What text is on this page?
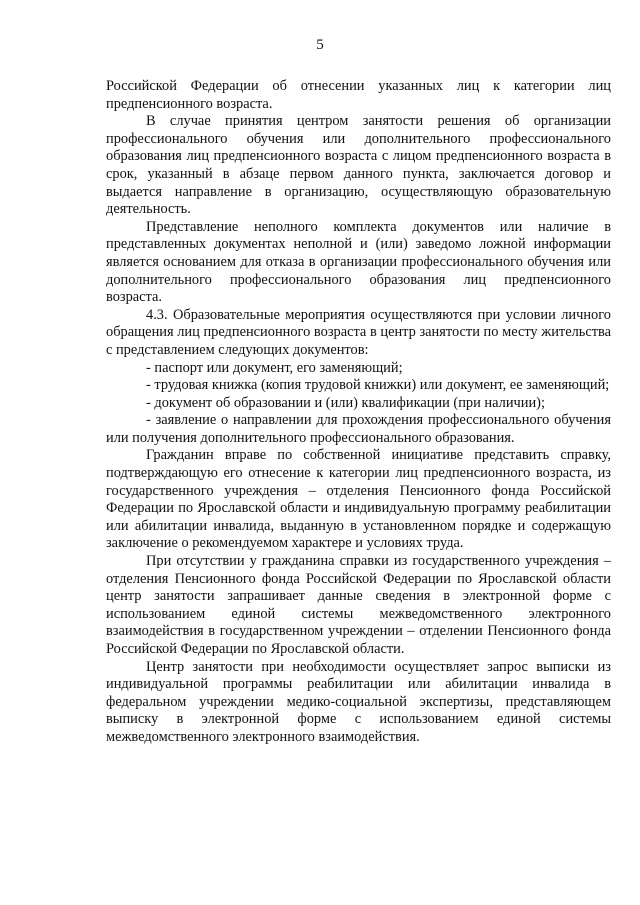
5

Российской Федерации об отнесении указанных лиц к категории лиц предпенсионного возраста.

В случае принятия центром занятости решения об организации профессионального обучения или дополнительного профессионального образования лиц предпенсионного возраста с лицом предпенсионного возраста в срок, указанный в абзаце первом данного пункта, заключается договор и выдается направление в организацию, осуществляющую образовательную деятельность.

Представление неполного комплекта документов или наличие в представленных документах неполной и (или) заведомо ложной информации является основанием для отказа в организации профессионального обучения или дополнительного профессионального образования лиц предпенсионного возраста.

4.3. Образовательные мероприятия осуществляются при условии личного обращения лиц предпенсионного возраста в центр занятости по месту жительства с представлением следующих документов:

- паспорт или документ, его заменяющий;

- трудовая книжка (копия трудовой книжки) или документ, ее заменяющий;

- документ об образовании и (или) квалификации (при наличии);

- заявление о направлении для прохождения профессионального обучения или получения дополнительного профессионального образования.

Гражданин вправе по собственной инициативе представить справку, подтверждающую его отнесение к категории лиц предпенсионного возраста, из государственного учреждения – отделения Пенсионного фонда Российской Федерации по Ярославской области и индивидуальную программу реабилитации или абилитации инвалида, выданную в установленном порядке и содержащую заключение о рекомендуемом характере и условиях труда.

При отсутствии у гражданина справки из государственного учреждения – отделения Пенсионного фонда Российской Федерации по Ярославской области центр занятости запрашивает данные сведения в электронной форме с использованием единой системы межведомственного электронного взаимодействия в государственном учреждении – отделении Пенсионного фонда Российской Федерации по Ярославской области.

Центр занятости при необходимости осуществляет запрос выписки из индивидуальной программы реабилитации или абилитации инвалида в федеральном учреждении медико-социальной экспертизы, представляющем выписку в электронной форме с использованием единой системы межведомственного электронного взаимодействия.
